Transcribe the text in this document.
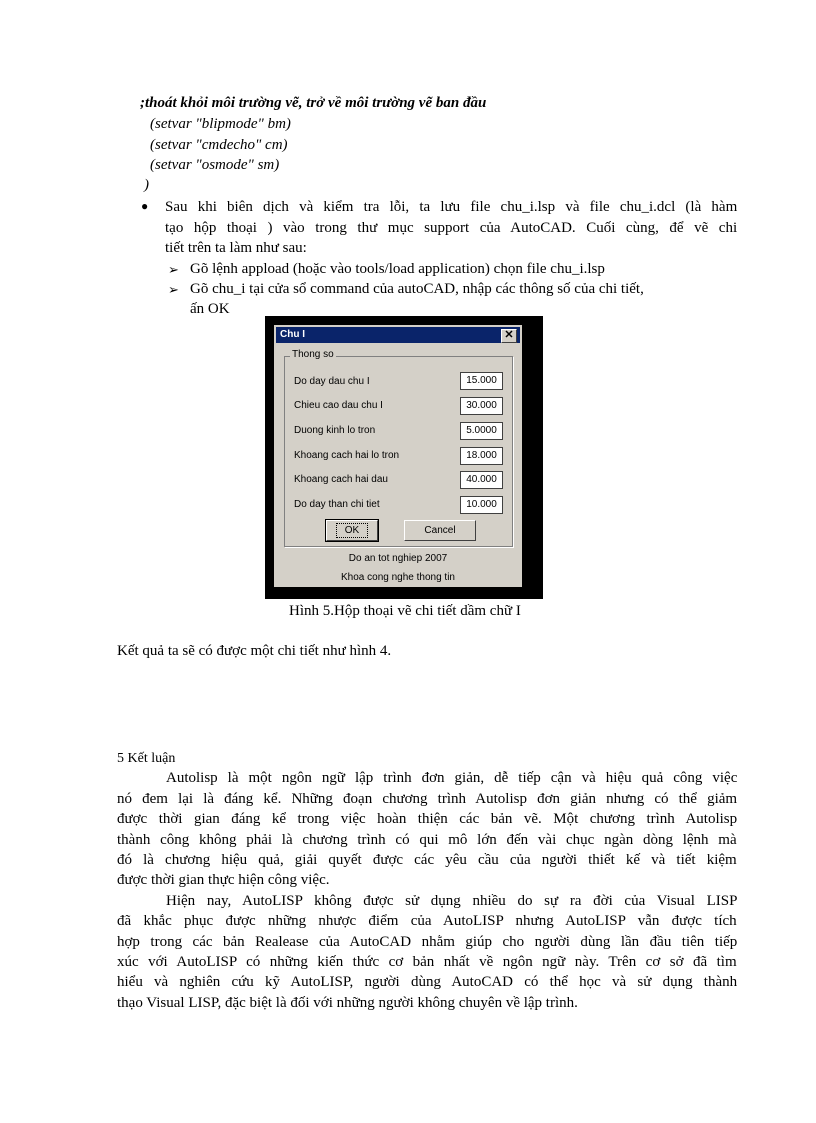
;thoát khỏi môi trường vẽ, trở về môi trường vẽ ban đầu
(setvar "blipmode" bm)
(setvar "cmdecho" cm)
(setvar "osmode" sm)
)
● Sau khi biên dịch và kiểm tra lỗi, ta lưu file chu_i.lsp và file chu_i.dcl (là hàm
tạo hộp thoại ) vào trong thư mục support của AutoCAD. Cuối cùng, để vẽ chi
tiết trên ta làm như sau:
➢ Gõ lệnh appload (hoặc vào tools/load application) chọn file chu_i.lsp
➢ Gõ chu_i tại cửa sổ command của autoCAD, nhập các thông số của chi tiết,
ấn OK
Chu I	✕
Thong so
Do day dau chu I	15.000
Chieu cao dau chu I	30.000
Duong kinh lo tron	5.0000
Khoang cach hai lo tron	18.000
Khoang cach hai dau	40.000
Do day than chi tiet	10.000
OK	Cancel
Do an tot nghiep 2007
Khoa cong nghe thong tin
Hình 5.Hộp thoại vẽ chi tiết dầm chữ I
Kết quả ta sẽ có được một chi tiết như hình 4.
5 Kết luận
Autolisp là một ngôn ngữ lập trình đơn giản, dễ tiếp cận và hiệu quả công việc
nó đem lại là đáng kể. Những đoạn chương trình Autolisp đơn giản nhưng có thể giảm
được thời gian đáng kể trong việc hoàn thiện các bản vẽ. Một chương trình Autolisp
thành công không phải là chương trình có qui mô lớn đến vài chục ngàn dòng lệnh mà
đó là chương hiệu quả, giải quyết được các yêu cầu của người thiết kế và tiết kiệm
được thời gian thực hiện công việc.
Hiện nay, AutoLISP không được sử dụng nhiều do sự ra đời của Visual LISP
đã khắc phục được những nhược điểm của AutoLISP nhưng AutoLISP vẫn được tích
hợp trong các bản Realease của AutoCAD nhằm giúp cho người dùng lần đầu tiên tiếp
xúc với AutoLISP có những kiến thức cơ bản nhất về ngôn ngữ này. Trên cơ sở đã tìm
hiểu và nghiên cứu kỹ AutoLISP, người dùng AutoCAD có thể học và sử dụng thành
thạo Visual LISP, đặc biệt là đối với những người không chuyên về lập trình.
